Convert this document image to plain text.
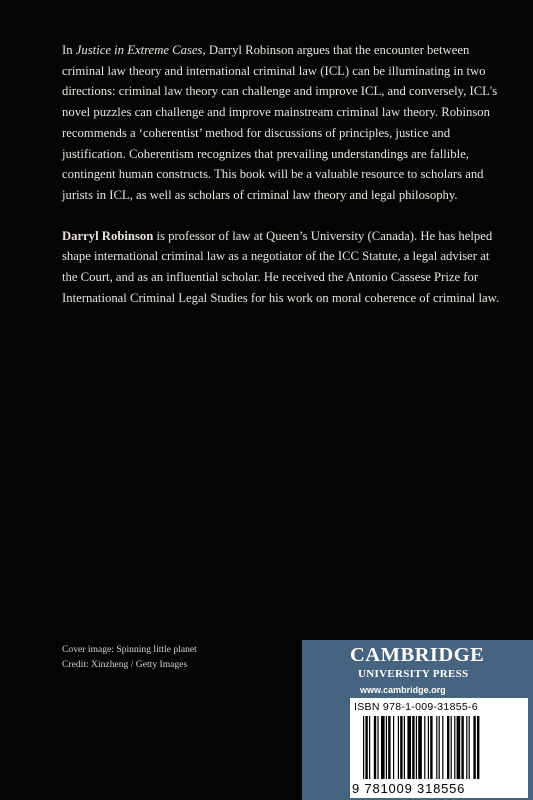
In Justice in Extreme Cases, Darryl Robinson argues that the encounter between criminal law theory and international criminal law (ICL) can be illuminating in two directions: criminal law theory can challenge and improve ICL, and conversely, ICL's novel puzzles can challenge and improve mainstream criminal law theory. Robinson recommends a ‘coherentist’ method for discussions of principles, justice and justification. Coherentism recognizes that prevailing understandings are fallible, contingent human constructs. This book will be a valuable resource to scholars and jurists in ICL, as well as scholars of criminal law theory and legal philosophy.

Darryl Robinson is professor of law at Queen’s University (Canada). He has helped shape international criminal law as a negotiator of the ICC Statute, a legal adviser at the Court, and as an influential scholar. He received the Antonio Cassese Prize for International Criminal Legal Studies for his work on moral coherence of criminal law.

Cover image: Spinning little planet
Credit: Xinzheng / Getty Images	CAMBRIDGE
UNIVERSITY PRESS
www.cambridge.org
ISBN 978-1-009-31855-6
9 781009 318556
